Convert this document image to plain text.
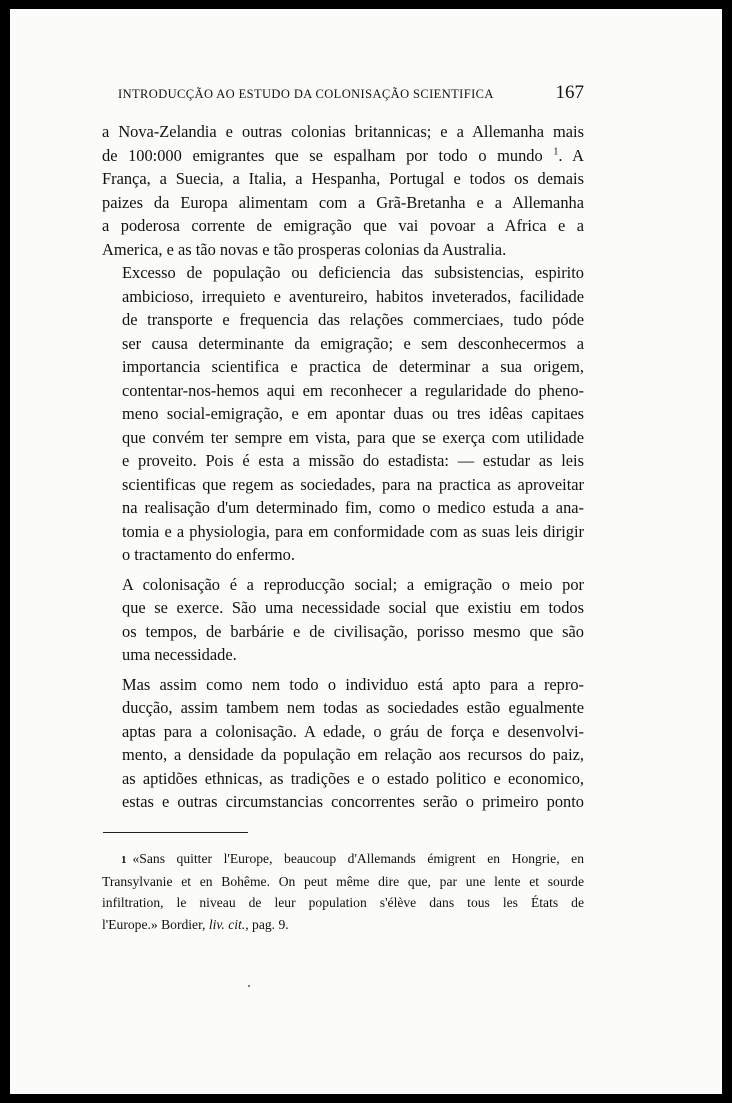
INTRODUCÇÃO AO ESTUDO DA COLONISAÇÃO SCIENTIFICA	167

a Nova-Zelandia e outras colonias britannicas; e a Allemanha mais
de 100:000 emigrantes que se espalham por todo o mundo $^1$. A
França, a Suecia, a Italia, a Hespanha, Portugal e todos os demais
paizes da Europa alimentam com a Grã-Bretanha e a Allemanha
a poderosa corrente de emigração que vai povoar a Africa e a
America, e as tão novas e tão prosperas colonias da Australia.

Excesso de população ou deficiencia das subsistencias, espirito
ambicioso, irrequieto e aventureiro, habitos inveterados, facilidade
de transporte e frequencia das relações commerciaes, tudo póde
ser causa determinante da emigração; e sem desconhecermos a
importancia scientifica e practica de determinar a sua origem,
contentar-nos-hemos aqui em reconhecer a regularidade do pheno-
meno social-emigração, e em apontar duas ou tres idêas capitaes
que convém ter sempre em vista, para que se exerça com utilidade
e proveito. Pois é esta a missão do estadista: — estudar as leis
scientificas que regem as sociedades, para na practica as aproveitar
na realisação d'um determinado fim, como o medico estuda a ana-
tomia e a physiologia, para em conformidade com as suas leis dirigir
o tractamento do enfermo.

A colonisação é a reproducção social; a emigração o meio por
que se exerce. São uma necessidade social que existiu em todos
os tempos, de barbárie e de civilisação, porisso mesmo que são
uma necessidade.

Mas assim como nem todo o individuo está apto para a repro-
ducção, assim tambem nem todas as sociedades estão egualmente
aptas para a colonisação. A edade, o gráu de força e desenvolvi-
mento, a densidade da população em relação aos recursos do paiz,
as aptidões ethnicas, as tradições e o estado politico e economico,
estas e outras circumstancias concorrentes serão o primeiro ponto

1 «Sans quitter l'Europe, beaucoup d'Allemands émigrent en Hongrie, en
Transylvanie et en Bohême. On peut même dire que, par une lente et sourde
infiltration, le niveau de leur population s'élève dans tous les États de
l'Europe.» Bordier, liv. cit., pag. 9.
